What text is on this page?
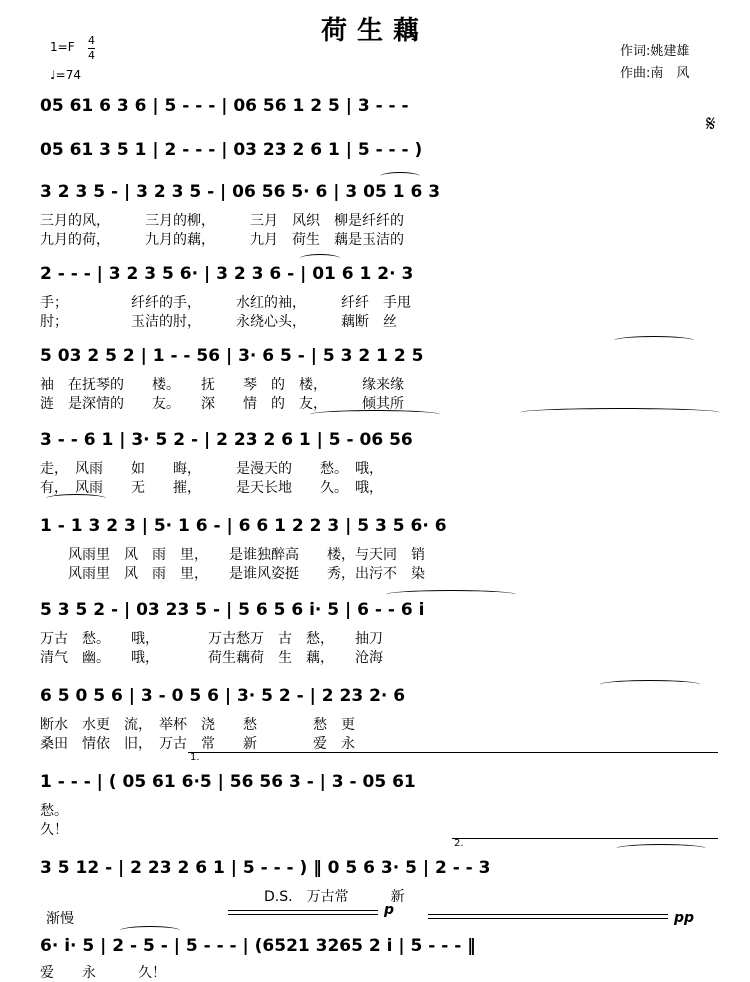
荷生藕
1=F 4
4
♩=74
作词:姚建雄
作曲:南　风
𝄋
05 61 6 3 6 | 5 - - - | 06 56 1 2 5 | 3 - - -
05 61 3 5 1 | 2 - - - | 03 23 2 6 1 | 5 - - - )
3 2 3 5 - | 3 2 3 5 - | 06 56 5· 6 | 3 05 1 6 3
三月的风，　　　三月的柳，　　　三月　风织　柳是纤纤的
九月的荷，　　　九月的藕，　　　九月　荷生　藕是玉洁的
2 - - - | 3 2 3 5 6· | 3 2 3 6 - | 01 6 1 2· 3
手；　　　　　纤纤的手，　　　水红的袖，　　　纤纤　手甩
肘；　　　　　玉洁的肘，　　　永绕心头，　　　藕断　丝
5 03 2 5 2 | 1 - - 56 | 3· 6 5 - | 5 3 2 1 2 5
袖　在抚琴的　　楼。　　抚　　琴　的　楼，　　　缘来缘
涟　是深情的　　友。　　深　　情　的　友，　　　倾其所
3 - - 6 1 | 3· 5 2 - | 2 23 2 6 1 | 5 - 06 56
走，　风雨　　如　　晦，　　　是漫天的　　愁。　哦，
有，　风雨　　无　　摧，　　　是天长地　　久。　哦，
1 - 1 3 2 3 | 5· 1 6 - | 6 6 1 2 2 3 | 5 3 5 6· 6
　　风雨里　风　雨　里，　　是谁独醉高　　楼，与天同　销
　　风雨里　风　雨　里，　　是谁风姿挺　　秀，出污不　染
5 3 5 2 - | 03 23 5 - | 5 6 5 6 i· 5 | 6 - - 6 i
万古　愁。　　哦，　　　　万古愁万　古　愁，　　抽刀
清气　幽。　　哦，　　　　荷生藕荷　生　藕，　　沧海
6 5 0 5 6 | 3 - 0 5 6 | 3· 5 2 - | 2 23 2· 6
断水　水更　流，　举杯　浇　　愁　　　　愁　更
桑田　情依　旧，　万古　常　　新　　　　爱　永
1.
1 - - - | ( 05 61 6·5 | 56 56 3 - | 3 - 05 61
愁。
久！
2.
3 5 12 - | 2 23 2 6 1 | 5 - - - ) ‖ 0 5 6 3· 5 | 2 - - 3
　　　　　　　　　　　　　　　　D.S.　万古常　　　新
渐慢
p	pp
6· i· 5 | 2 - 5 - | 5 - - - | (6521 3265 2 i | 5 - - - ‖
爱　　永　　　久！
